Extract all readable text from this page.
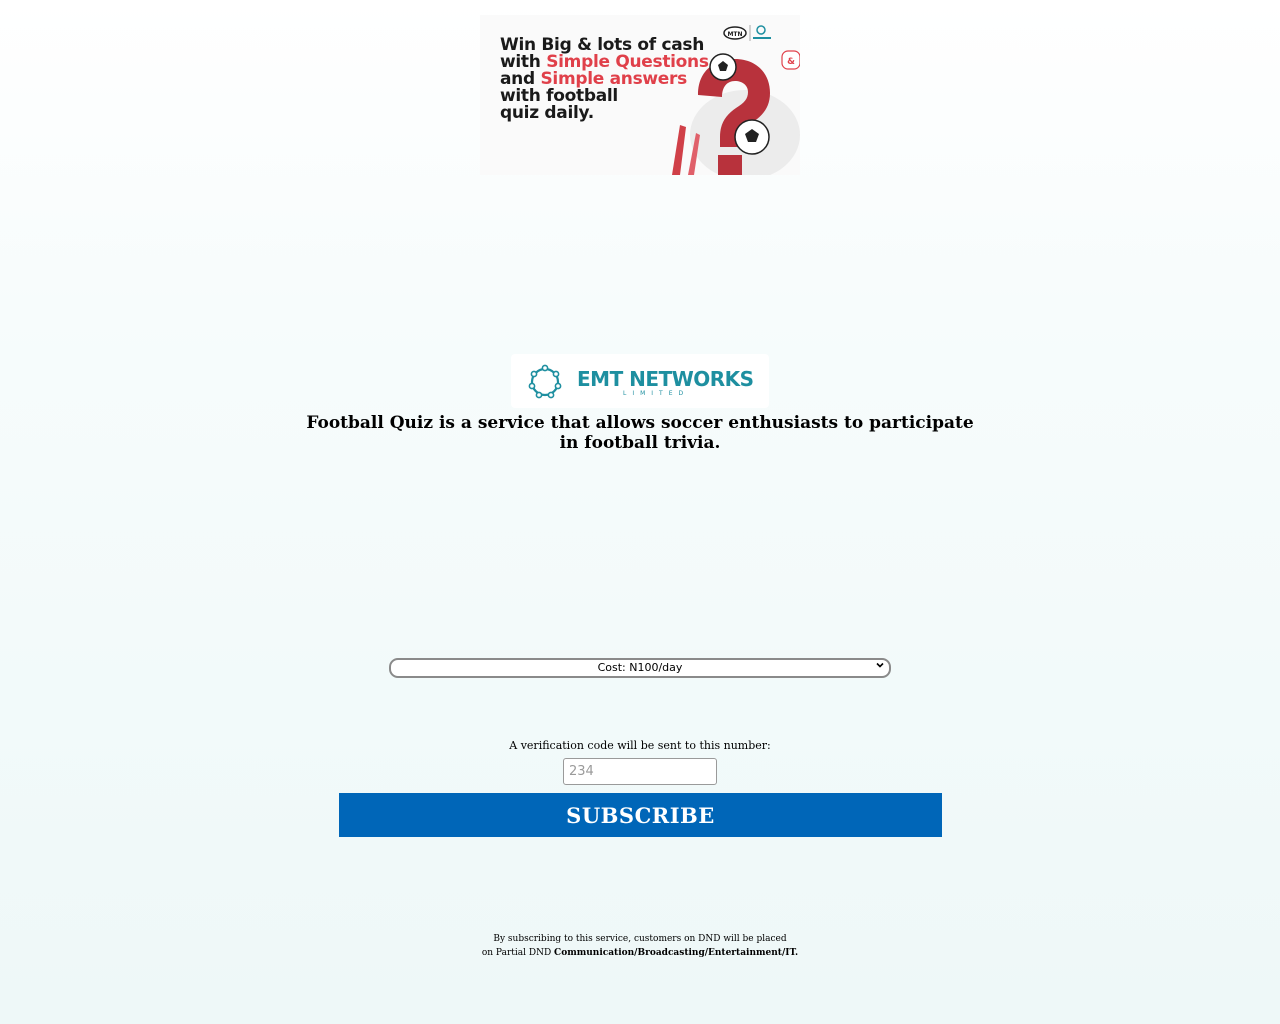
Win Big & lots of cash
with Simple Questions
and Simple answers
with football
quiz daily.
MTN
&
EMT NETWORKS
LIMITED
Football Quiz is a service that allows soccer enthusiasts to participate in football trivia.
Cost: N100/day
A verification code will be sent to this number:
234
SUBSCRIBE
By subscribing to this service, customers on DND will be placed
on Partial DND Communication/Broadcasting/Entertainment/IT.
